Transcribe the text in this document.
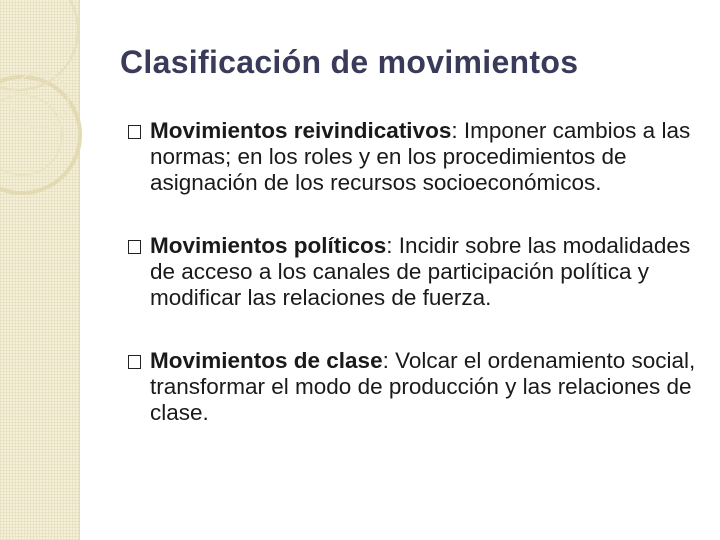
Clasificación de movimientos
Movimientos reivindicativos: Imponer cambios a las normas; en los roles y en los procedimientos de asignación de los recursos socioeconómicos.
Movimientos políticos: Incidir sobre las modalidades de acceso a los canales de participación política y modificar las relaciones de fuerza.
Movimientos de clase: Volcar el ordenamiento social, transformar el modo de producción y las relaciones de clase.
